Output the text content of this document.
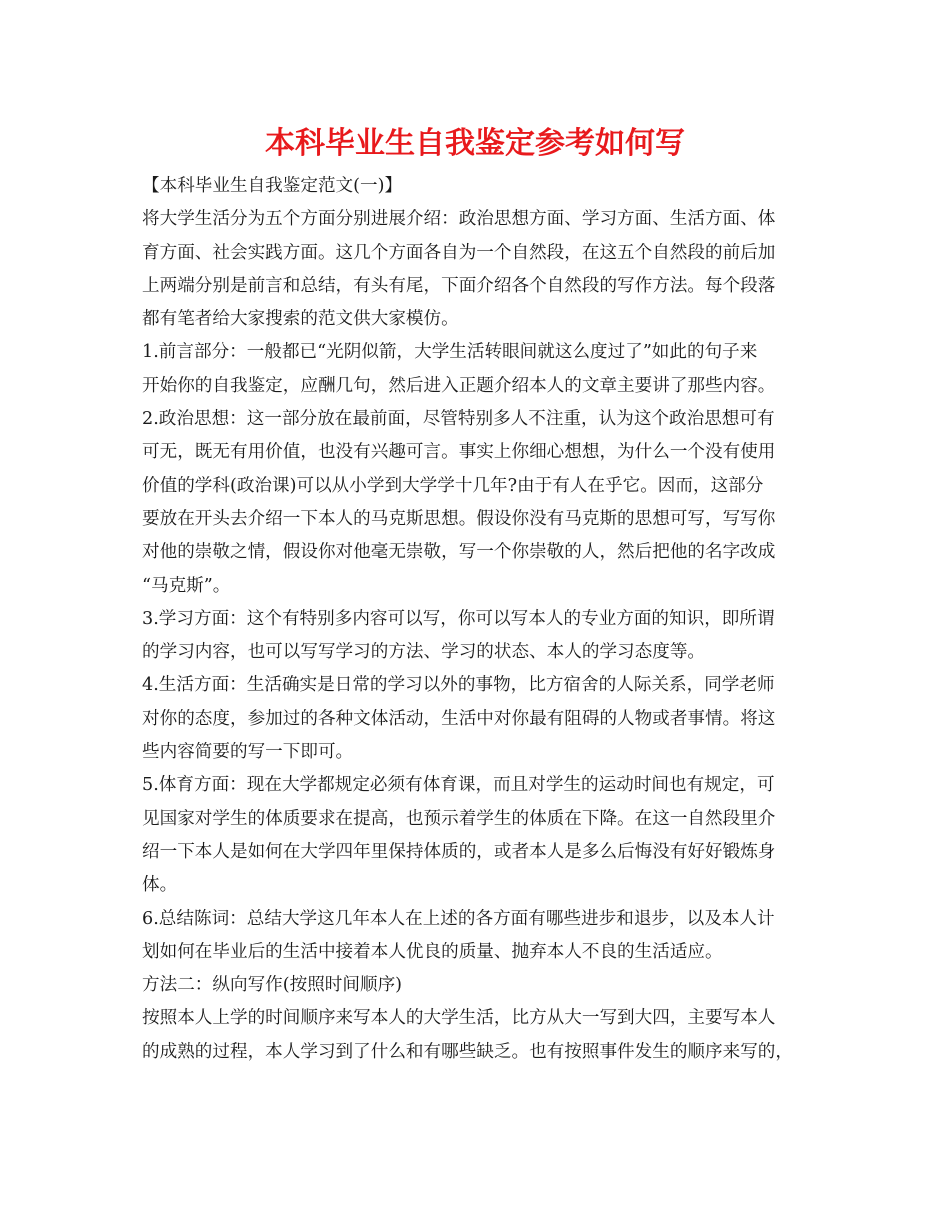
本科毕业生自我鉴定参考如何写
【本科毕业生自我鉴定范文(一)】
将大学生活分为五个方面分别进展介绍：政治思想方面、学习方面、生活方面、体
育方面、社会实践方面。这几个方面各自为一个自然段，在这五个自然段的前后加
上两端分别是前言和总结，有头有尾，下面介绍各个自然段的写作方法。每个段落
都有笔者给大家搜索的范文供大家模仿。
1.前言部分：一般都已“光阴似箭，大学生活转眼间就这么度过了”如此的句子来
开始你的自我鉴定，应酬几句，然后进入正题介绍本人的文章主要讲了那些内容。
2.政治思想：这一部分放在最前面，尽管特别多人不注重，认为这个政治思想可有
可无，既无有用价值，也没有兴趣可言。事实上你细心想想，为什么一个没有使用
价值的学科(政治课)可以从小学到大学学十几年?由于有人在乎它。因而，这部分
要放在开头去介绍一下本人的马克斯思想。假设你没有马克斯的思想可写，写写你
对他的崇敬之情，假设你对他毫无崇敬，写一个你崇敬的人，然后把他的名字改成
“马克斯”。
3.学习方面：这个有特别多内容可以写，你可以写本人的专业方面的知识，即所谓
的学习内容，也可以写写学习的方法、学习的状态、本人的学习态度等。
4.生活方面：生活确实是日常的学习以外的事物，比方宿舍的人际关系，同学老师
对你的态度，参加过的各种文体活动，生活中对你最有阻碍的人物或者事情。将这
些内容简要的写一下即可。
5.体育方面：现在大学都规定必须有体育课，而且对学生的运动时间也有规定，可
见国家对学生的体质要求在提高，也预示着学生的体质在下降。在这一自然段里介
绍一下本人是如何在大学四年里保持体质的，或者本人是多么后悔没有好好锻炼身
体。
6.总结陈词：总结大学这几年本人在上述的各方面有哪些进步和退步，以及本人计
划如何在毕业后的生活中接着本人优良的质量、抛弃本人不良的生活适应。
方法二：纵向写作(按照时间顺序)
按照本人上学的时间顺序来写本人的大学生活，比方从大一写到大四，主要写本人
的成熟的过程，本人学习到了什么和有哪些缺乏。也有按照事件发生的顺序来写的，
